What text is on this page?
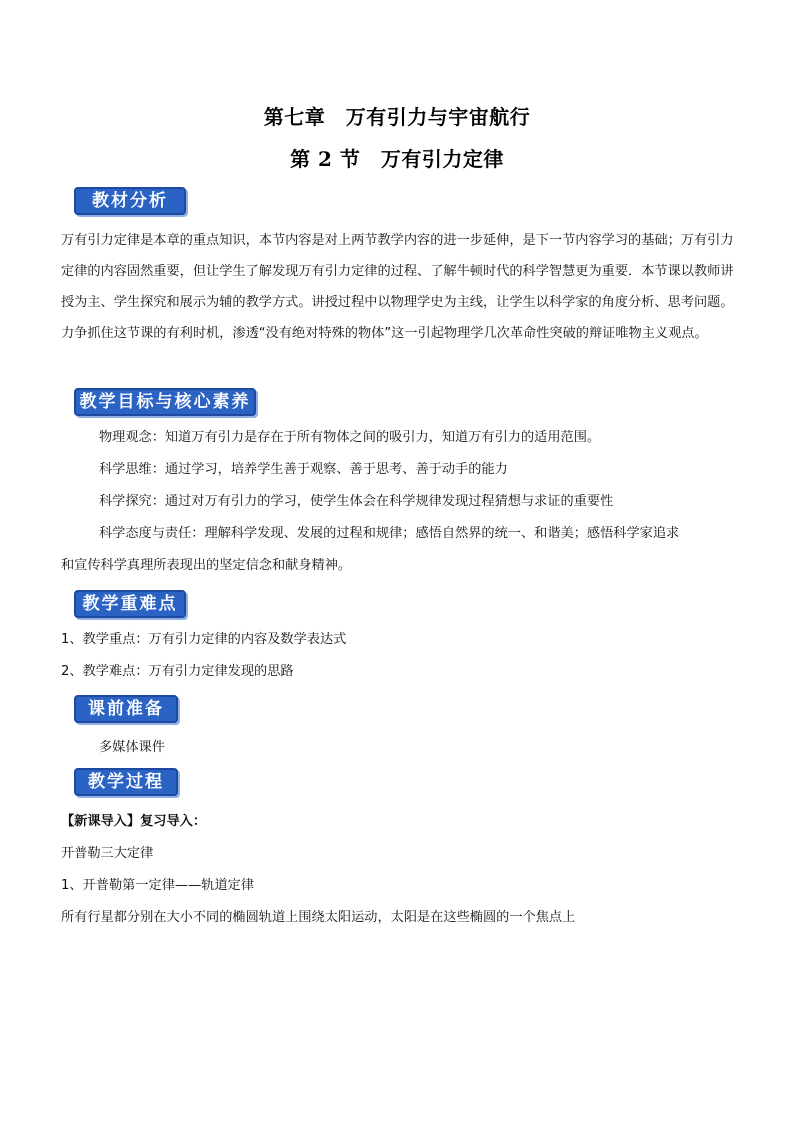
第七章　万有引力与宇宙航行
第 2 节　万有引力定律
教材分析
万有引力定律是本章的重点知识，本节内容是对上两节教学内容的进一步延伸，是下一节内容学习的基础；万有引力定律的内容固然重要，但让学生了解发现万有引力定律的过程、了解牛顿时代的科学智慧更为重要．本节课以教师讲授为主、学生探究和展示为辅的教学方式。讲授过程中以物理学史为主线，让学生以科学家的角度分析、思考问题。力争抓住这节课的有利时机，渗透“没有绝对特殊的物体”这一引起物理学几次革命性突破的辩证唯物主义观点。
教学目标与核心素养
物理观念：知道万有引力是存在于所有物体之间的吸引力，知道万有引力的适用范围。
科学思维：通过学习，培养学生善于观察、善于思考、善于动手的能力
科学探究：通过对万有引力的学习，使学生体会在科学规律发现过程猜想与求证的重要性
科学态度与责任：理解科学发现、发展的过程和规律；感悟自然界的统一、和谐美；感悟科学家追求
和宣传科学真理所表现出的坚定信念和献身精神。
教学重难点
1、教学重点：万有引力定律的内容及数学表达式
2、教学难点：万有引力定律发现的思路
课前准备
多媒体课件
教学过程
【新课导入】复习导入：
开普勒三大定律
1、开普勒第一定律——轨道定律
所有行星都分别在大小不同的椭圆轨道上围绕太阳运动，太阳是在这些椭圆的一个焦点上
